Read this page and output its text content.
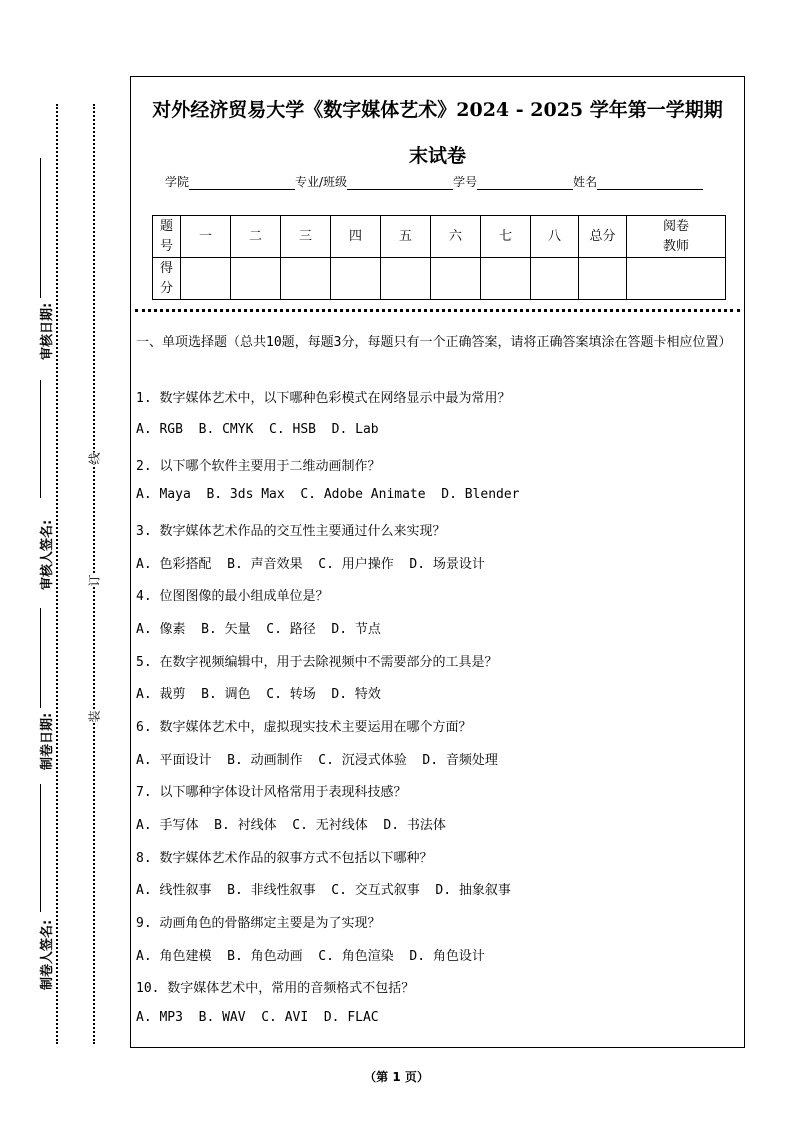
审核日期:
审核人签名:
制卷日期:
制卷人签名:
线
订
装
对外经济贸易大学《数字媒体艺术》2024 - 2025 学年第一学期期
末试卷
学院	专业/班级	学号	姓名
题号	一	二	三	四	五	六	七	八	总分	阅卷教师
得分										
一、单项选择题（总共10题，每题3分，每题只有一个正确答案，请将正确答案填涂在答题卡相应位置）
1. 数字媒体艺术中，以下哪种色彩模式在网络显示中最为常用？
A. RGB  B. CMYK  C. HSB  D. Lab
2. 以下哪个软件主要用于二维动画制作？
A. Maya  B. 3ds Max  C. Adobe Animate  D. Blender
3. 数字媒体艺术作品的交互性主要通过什么来实现？
A. 色彩搭配  B. 声音效果  C. 用户操作  D. 场景设计
4. 位图图像的最小组成单位是？
A. 像素  B. 矢量  C. 路径  D. 节点
5. 在数字视频编辑中，用于去除视频中不需要部分的工具是？
A. 裁剪  B. 调色  C. 转场  D. 特效
6. 数字媒体艺术中，虚拟现实技术主要运用在哪个方面？
A. 平面设计  B. 动画制作  C. 沉浸式体验  D. 音频处理
7. 以下哪种字体设计风格常用于表现科技感？
A. 手写体  B. 衬线体  C. 无衬线体  D. 书法体
8. 数字媒体艺术作品的叙事方式不包括以下哪种？
A. 线性叙事  B. 非线性叙事  C. 交互式叙事  D. 抽象叙事
9. 动画角色的骨骼绑定主要是为了实现？
A. 角色建模  B. 角色动画  C. 角色渲染  D. 角色设计
10. 数字媒体艺术中，常用的音频格式不包括？
A. MP3  B. WAV  C. AVI  D. FLAC
（第 1 页）
